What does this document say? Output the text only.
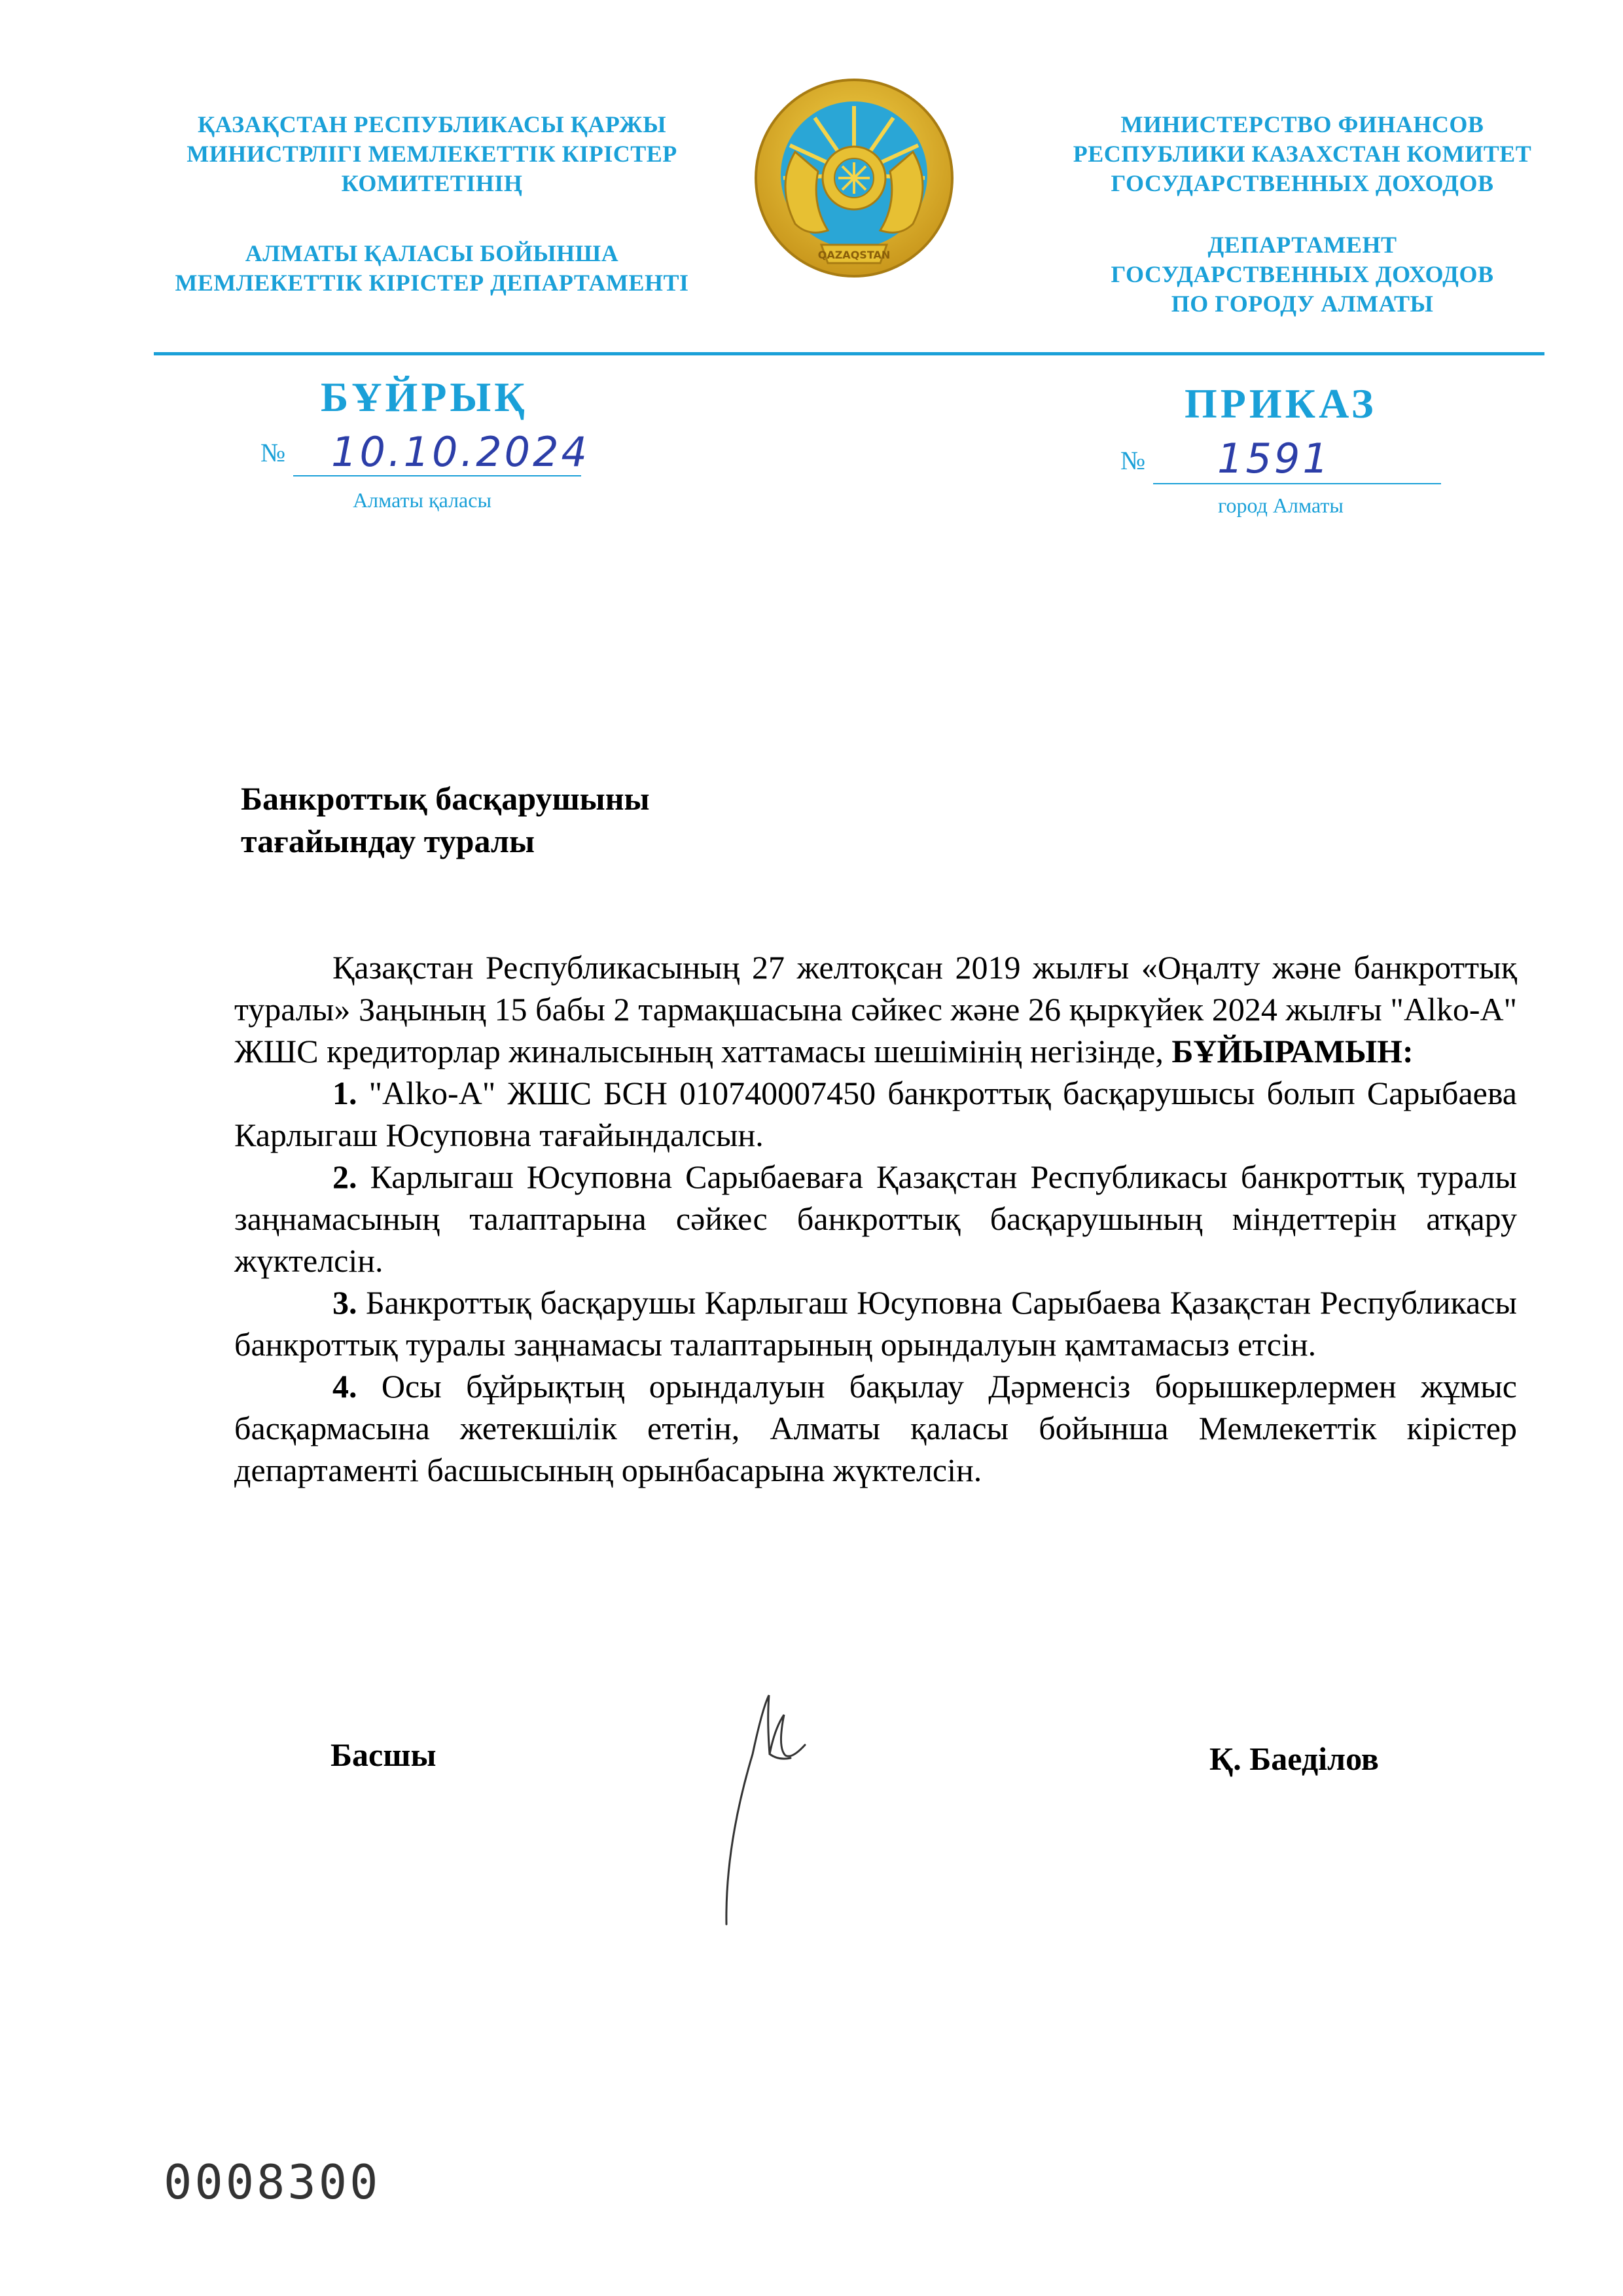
ҚАЗАҚСТАН РЕСПУБЛИКАСЫ ҚАРЖЫ
МИНИСТРЛІГІ МЕМЛЕКЕТТІК КІРІСТЕР
КОМИТЕТІНІҢ
АЛМАТЫ ҚАЛАСЫ БОЙЫНША
МЕМЛЕКЕТТІК КІРІСТЕР ДЕПАРТАМЕНТІ
QAZAQSTAN
МИНИСТЕРСТВО ФИНАНСОВ
РЕСПУБЛИКИ КАЗАХСТАН КОМИТЕТ
ГОСУДАРСТВЕННЫХ ДОХОДОВ
ДЕПАРТАМЕНТ
ГОСУДАРСТВЕННЫХ ДОХОДОВ
ПО ГОРОДУ АЛМАТЫ
БҰЙРЫҚ	ПРИКАЗ
№ 10.10.2024	№ 1591
Алматы қаласы	город Алматы
Банкроттық басқарушыны
тағайындау туралы

Қазақстан Республикасының 27 желтоқсан 2019 жылғы «Оңалту және банкроттық туралы» Заңының 15 бабы 2 тармақшасына сәйкес және 26 қыркүйек 2024 жылғы "Alko-A" ЖШС кредиторлар жиналысының хаттамасы шешімінің негізінде, БҰЙЫРАМЫН:

1. "Alko-A" ЖШС БСН 010740007450 банкроттық басқарушысы болып Сарыбаева Карлыгаш Юсуповна тағайындалсын.

2. Карлыгаш Юсуповна Сарыбаеваға Қазақстан Республикасы банкроттық туралы заңнамасының талаптарына сәйкес банкроттық басқарушының міндеттерін атқару жүктелсін.

3. Банкроттық басқарушы Карлыгаш Юсуповна Сарыбаева Қазақстан Республикасы банкроттық туралы заңнамасы талаптарының орындалуын қамтамасыз етсін.

4. Осы бұйрықтың орындалуын бақылау Дәрменсіз борышкерлермен жұмыс басқармасына жетекшілік ететін, Алматы қаласы бойынша Мемлекеттік кірістер департаменті басшысының орынбасарына жүктелсін.

Басшы	Қ. Баеділов
0008300
